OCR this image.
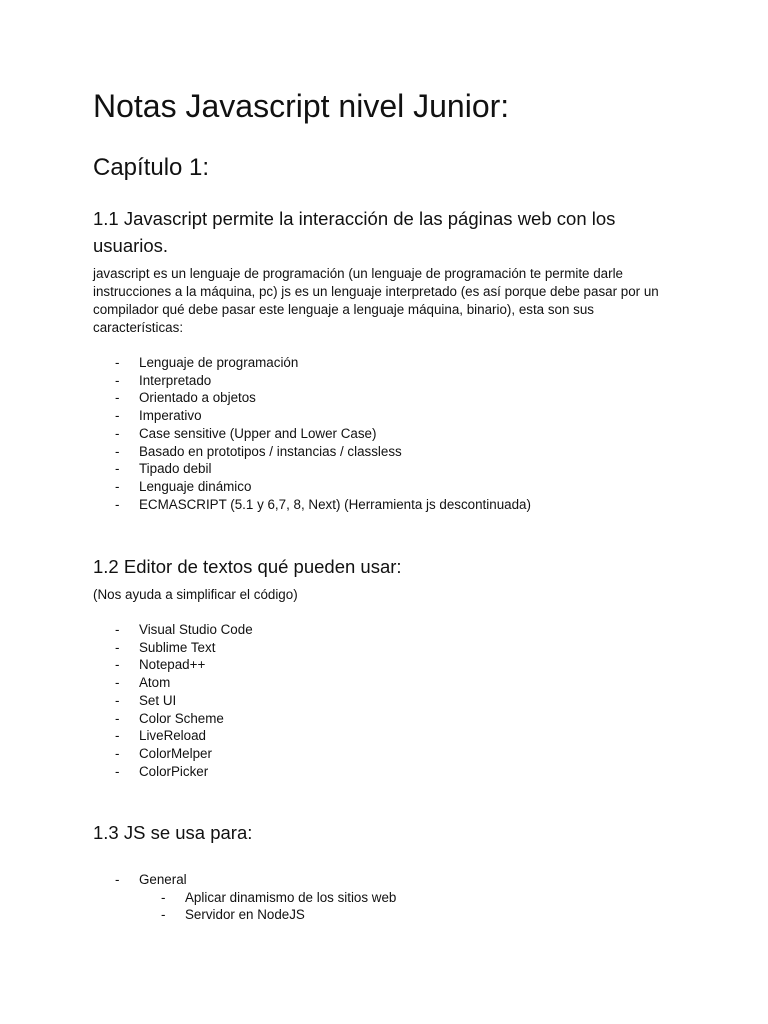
Notas Javascript nivel Junior:
Capítulo 1:
1.1 Javascript permite la interacción de las páginas web con los usuarios.

javascript es un lenguaje de programación (un lenguaje de programación te permite darle instrucciones a la máquina, pc) js es un lenguaje interpretado (es así porque debe pasar por un compilador qué debe pasar este lenguaje a lenguaje máquina, binario), esta son sus características:

- Lenguaje de programación
- Interpretado
- Orientado a objetos
- Imperativo
- Case sensitive (Upper and Lower Case)
- Basado en prototipos / instancias / classless
- Tipado debil
- Lenguaje dinámico
- ECMASCRIPT (5.1 y 6,7, 8, Next) (Herramienta js descontinuada)
1.2 Editor de textos qué pueden usar:

(Nos ayuda a simplificar el código)

- Visual Studio Code
- Sublime Text
- Notepad++
- Atom
- Set UI
- Color Scheme
- LiveReload
- ColorMelper
- ColorPicker
1.3 JS se usa para:
- General
- Aplicar dinamismo de los sitios web
- Servidor en NodeJS
